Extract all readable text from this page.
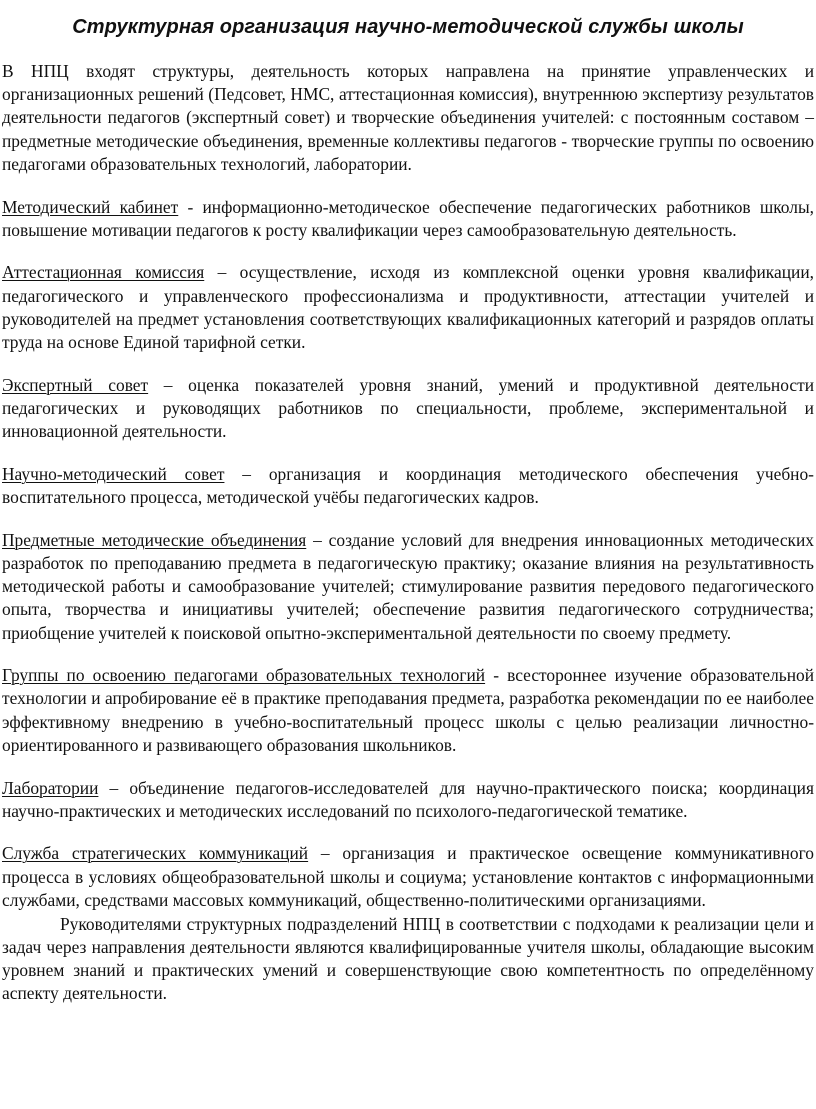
Структурная организация научно-методической службы школы

В НПЦ входят структуры, деятельность которых направлена на принятие управленческих и организационных решений (Педсовет, НМС, аттестационная комиссия), внутреннюю экспертизу результатов деятельности педагогов (экспертный совет) и творческие объединения учителей: с постоянным составом – предметные методические объединения, временные коллективы педагогов - творческие группы по освоению педагогами образовательных технологий, лаборатории.

Методический кабинет - информационно-методическое обеспечение педагогических работников школы, повышение мотивации педагогов к росту квалификации через самообразовательную деятельность.

Аттестационная комиссия – осуществление, исходя из комплексной оценки уровня квалификации, педагогического и управленческого профессионализма и продуктивности, аттестации учителей и руководителей на предмет установления соответствующих квалификационных категорий и разрядов оплаты труда на основе Единой тарифной сетки.

Экспертный совет – оценка показателей уровня знаний, умений и продуктивной деятельности педагогических и руководящих работников по специальности, проблеме, экспериментальной и инновационной деятельности.

Научно-методический совет – организация и координация методического обеспечения учебно-воспитательного процесса, методической учёбы педагогических кадров.

Предметные методические объединения – создание условий для внедрения инновационных методических разработок по преподаванию предмета в педагогическую практику; оказание влияния на результативность методической работы и самообразование учителей; стимулирование развития передового педагогического опыта, творчества и инициативы учителей; обеспечение развития педагогического сотрудничества; приобщение учителей к поисковой опытно-экспериментальной деятельности по своему предмету.

Группы по освоению педагогами образовательных технологий - всестороннее изучение образовательной технологии и апробирование её в практике преподавания предмета, разработка рекомендации по ее наиболее эффективному внедрению в учебно-воспитательный процесс школы с целью реализации личностно-ориентированного и развивающего образования школьников.

Лаборатории – объединение педагогов-исследователей для научно-практического поиска; координация научно-практических и методических исследований по психолого-педагогической тематике.

Служба стратегических коммуникаций – организация и практическое освещение коммуникативного процесса в условиях общеобразовательной школы и социума; установление контактов с информационными службами, средствами массовых коммуникаций, общественно-политическими организациями.

Руководителями структурных подразделений НПЦ в соответствии с подходами к реализации цели и задач через направления деятельности являются квалифицированные учителя школы, обладающие высоким уровнем знаний и практических умений и совершенствующие свою компетентность по определённому аспекту деятельности.
